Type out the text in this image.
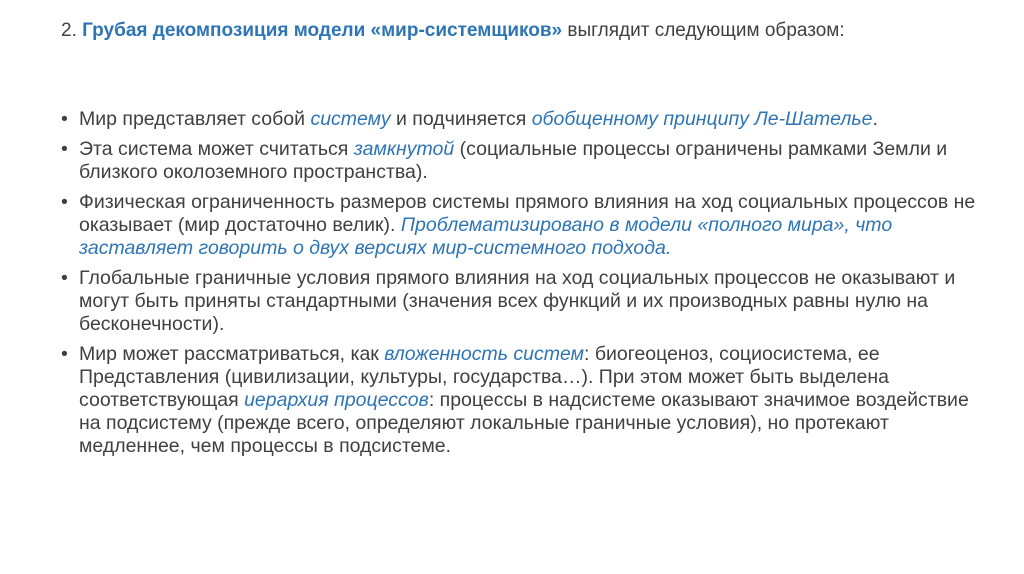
2. Грубая декомпозиция модели «мир-системщиков» выглядит следующим образом:
• Мир представляет собой систему и подчиняется обобщенному принципу Ле-Шателье.
• Эта система может считаться замкнутой (социальные процессы ограничены рамками Земли и близкого околоземного пространства).
• Физическая ограниченность размеров системы прямого влияния на ход социальных процессов не оказывает (мир достаточно велик). Проблематизировано в модели «полного мира», что заставляет говорить о двух версиях мир-системного подхода.
• Глобальные граничные условия прямого влияния на ход социальных процессов не оказывают и могут быть приняты стандартными (значения всех функций и их производных равны нулю на бесконечности).
• Мир может рассматриваться, как вложенность систем: биогеоценоз, социосистема, ее Представления (цивилизации, культуры, государства…). При этом может быть выделена соответствующая иерархия процессов: процессы в надсистеме оказывают значимое воздействие на подсистему (прежде всего, определяют локальные граничные условия), но протекают медленнее, чем процессы в подсистеме.
